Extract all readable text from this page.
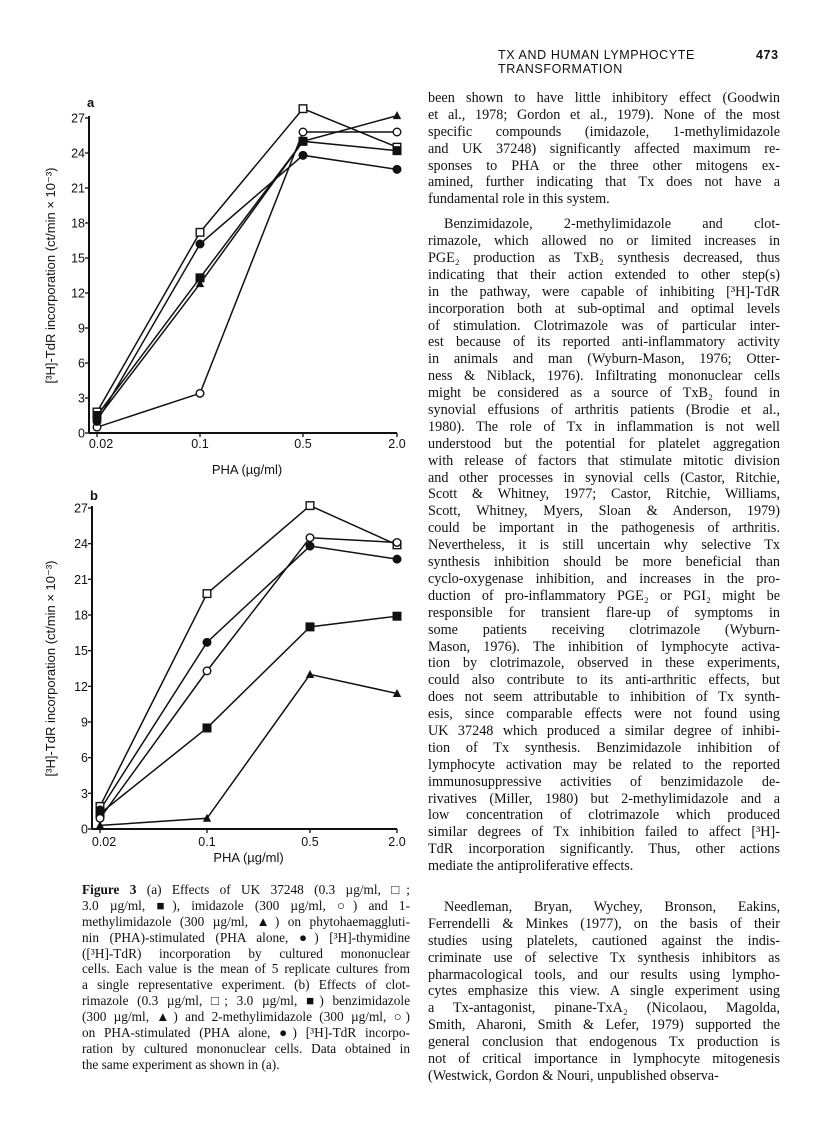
TX AND HUMAN LYMPHOCYTE TRANSFORMATION
473
a
0
3
6
9
12
15
18
21
24
27
0.02	0.1	0.5	2.0
PHA (µg/ml)
[³H]-TdR incorporation (ct/min × 10⁻³)
b
0
3
6
9
12
15
18
21
24
27
0.02	0.1	0.5	2.0
PHA (µg/ml)
[³H]-TdR incorporation (ct/min × 10⁻³)
Figure 3 (a) Effects of UK 37248 (0.3 µg/ml, □;
3.0 µg/ml, ■), imidazole (300 µg/ml, ○) and 1-
methylimidazole (300 µg/ml, ▲) on phytohaemaggluti-
nin (PHA)-stimulated (PHA alone, ●) [³H]-thymidine
([³H]-TdR) incorporation by cultured mononuclear
cells. Each value is the mean of 5 replicate cultures from
a single representative experiment. (b) Effects of clot-
rimazole (0.3 µg/ml, □; 3.0 µg/ml, ■) benzimidazole
(300 µg/ml, ▲) and 2-methylimidazole (300 µg/ml, ○)
on PHA-stimulated (PHA alone, ●) [³H]-TdR incorpo-
ration by cultured mononuclear cells. Data obtained in
the same experiment as shown in (a).
been shown to have little inhibitory effect (Goodwin
et al., 1978; Gordon et al., 1979). None of the most
specific compounds (imidazole, 1-methylimidazole
and UK 37248) significantly affected maximum re-
sponses to PHA or the three other mitogens ex-
amined, further indicating that Tx does not have a
fundamental role in this system.
Benzimidazole, 2-methylimidazole and clot-
rimazole, which allowed no or limited increases in
PGE₂ production as TxB₂ synthesis decreased, thus
indicating that their action extended to other step(s)
in the pathway, were capable of inhibiting [³H]-TdR
incorporation both at sub-optimal and optimal levels
of stimulation. Clotrimazole was of particular inter-
est because of its reported anti-inflammatory activity
in animals and man (Wyburn-Mason, 1976; Otter-
ness & Niblack, 1976). Infiltrating mononuclear cells
might be considered as a source of TxB₂ found in
synovial effusions of arthritis patients (Brodie et al.,
1980). The role of Tx in inflammation is not well
understood but the potential for platelet aggregation
with release of factors that stimulate mitotic division
and other processes in synovial cells (Castor, Ritchie,
Scott & Whitney, 1977; Castor, Ritchie, Williams,
Scott, Whitney, Myers, Sloan & Anderson, 1979)
could be important in the pathogenesis of arthritis.
Nevertheless, it is still uncertain why selective Tx
synthesis inhibition should be more beneficial than
cyclo-oxygenase inhibition, and increases in the pro-
duction of pro-inflammatory PGE₂ or PGI₂ might be
responsible for transient flare-up of symptoms in
some patients receiving clotrimazole (Wyburn-
Mason, 1976). The inhibition of lymphocyte activa-
tion by clotrimazole, observed in these experiments,
could also contribute to its anti-arthritic effects, but
does not seem attributable to inhibition of Tx synth-
esis, since comparable effects were not found using
UK 37248 which produced a similar degree of inhibi-
tion of Tx synthesis. Benzimidazole inhibition of
lymphocyte activation may be related to the reported
immunosuppressive activities of benzimidazole de-
rivatives (Miller, 1980) but 2-methylimidazole and a
low concentration of clotrimazole which produced
similar degrees of Tx inhibition failed to affect [³H]-
TdR incorporation significantly. Thus, other actions
mediate the antiproliferative effects.
Needleman, Bryan, Wychey, Bronson, Eakins,
Ferrendelli & Minkes (1977), on the basis of their
studies using platelets, cautioned against the indis-
criminate use of selective Tx synthesis inhibitors as
pharmacological tools, and our results using lympho-
cytes emphasize this view. A single experiment using
a Tx-antagonist, pinane-TxA₂ (Nicolaou, Magolda,
Smith, Aharoni, Smith & Lefer, 1979) supported the
general conclusion that endogenous Tx production is
not of critical importance in lymphocyte mitogenesis
(Westwick, Gordon & Nouri, unpublished observa-
